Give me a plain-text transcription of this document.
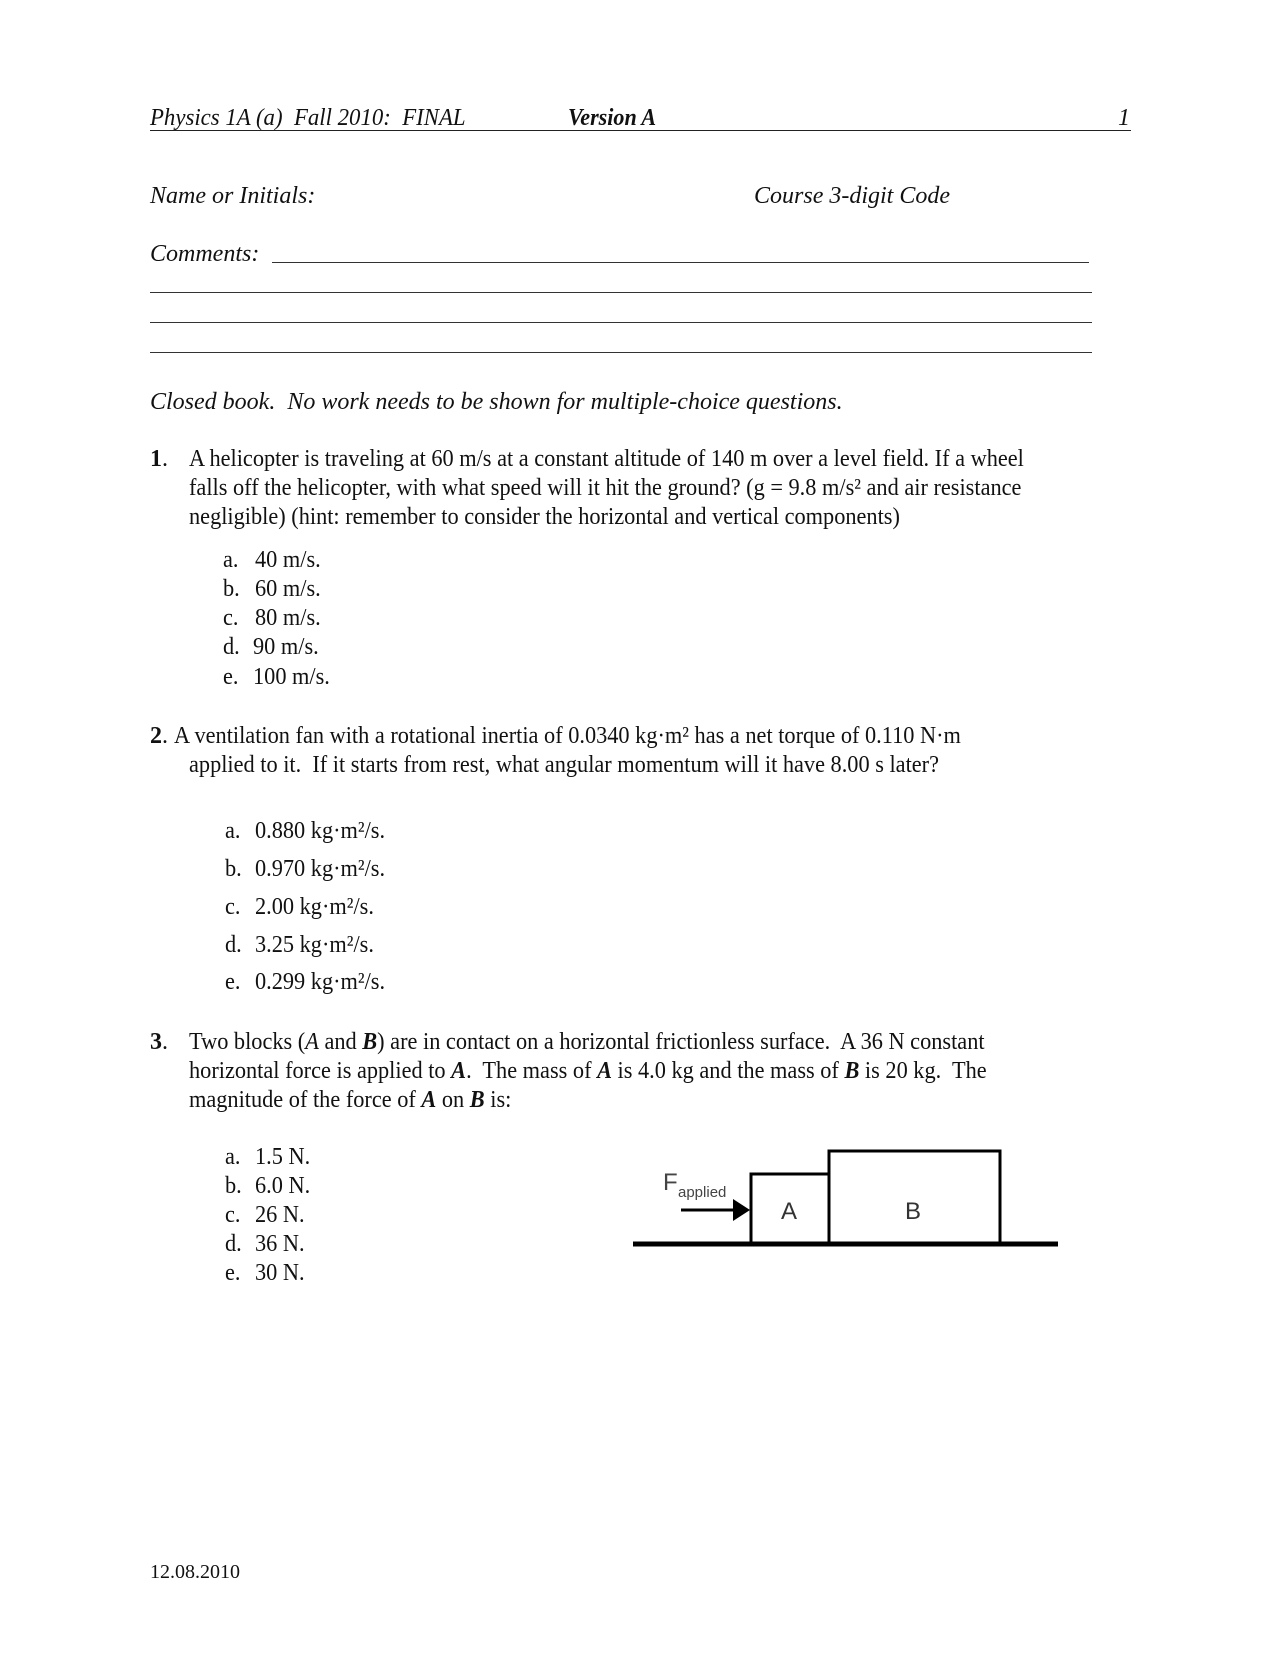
Physics 1A (a)  Fall 2010:  FINAL	Version A	1
Name or Initials:	Course 3-digit Code
Comments:
Closed book.  No work needs to be shown for multiple-choice questions.
1 . A helicopter is traveling at 60 m/s at a constant altitude of 140 m over a level field. If a wheel
falls off the helicopter, with what speed will it hit the ground? (g = 9.8 m/s² and air resistance
negligible) (hint: remember to consider the horizontal and vertical components)
a. 40 m/s.
b. 60 m/s.
c. 80 m/s.
d. 90 m/s.
e. 100 m/s.
2 . A ventilation fan with a rotational inertia of 0.0340 kg·m² has a net torque of 0.110 N·m
applied to it.  If it starts from rest, what angular momentum will it have 8.00 s later?
a. 0.880 kg·m²/s.
b. 0.970 kg·m²/s.
c. 2.00 kg·m²/s.
d. 3.25 kg·m²/s.
e. 0.299 kg·m²/s.
3 . Two blocks (A and B) are in contact on a horizontal frictionless surface.  A 36 N constant
horizontal force is applied to A.  The mass of A is 4.0 kg and the mass of B is 20 kg.  The
magnitude of the force of A on B is:
a. 1.5 N.
b. 6.0 N.
c. 26 N.
d. 36 N.
e. 30 N.
F applied
A	B
12.08.2010
